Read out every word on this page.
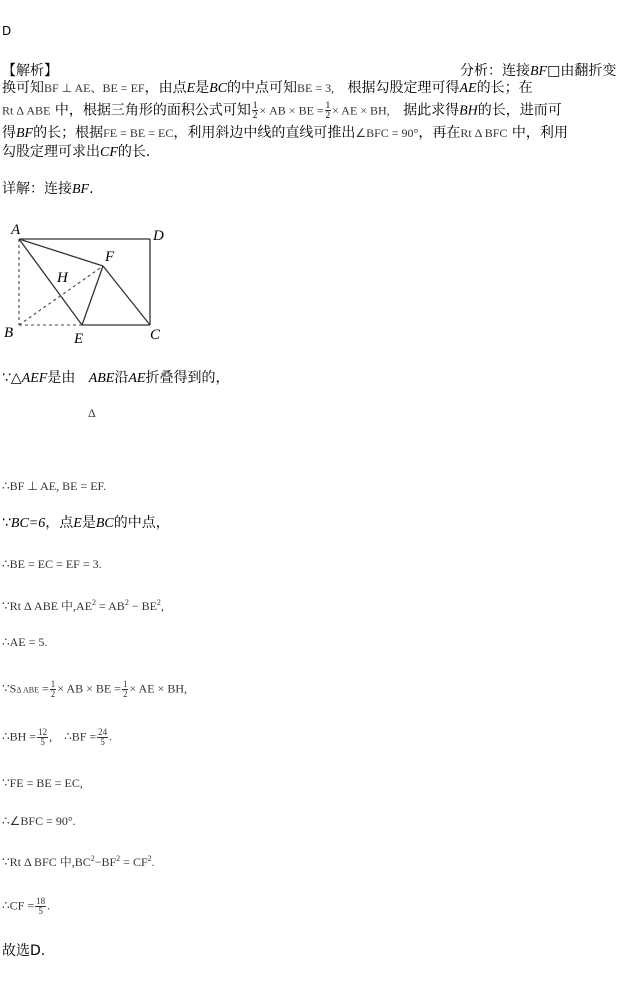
D
【解析】	分析：连接BF□由翻折变
换可知BF ⊥ AE、BE = EF，由点E是BC的中点可知BE = 3, 根据勾股定理可得AE的长；在
Rt Δ ABE 中，根据三角形的面积公式可知 $\frac{1}{2}$ × AB × BE = $\frac{1}{2}$ × AE × BH, 据此求得BH的长，进而可
得BF的长；根据FE = BE = EC，利用斜边中线的直线可推出∠BFC = 90°，再在Rt Δ BFC 中，利用
勾股定理可求出CF的长.
详解：连接BF.
A	D
F
H
B	E	C
∵△AEF是由 ABE沿AE折叠得到的，
Δ
∴BF ⊥ AE, BE = EF.
∵BC=6，点E是BC的中点，
∴BE = EC = EF = 3.
∵Rt Δ ABE 中$,AE^2 = AB^2 - BE^2$,
∴AE = 5.
∵SΔ ABE = $\frac{1}{2}$ × AB × BE = $\frac{1}{2}$ × AE × BH,
∴BH = $\frac{12}{5}$ , ∴BF = $\frac{24}{5}$ .
∵FE = BE = EC,
∴∠BFC = 90°.
∵Rt Δ BFC 中$,BC^2-BF^2 = CF^2$.
∴CF = $\frac{18}{5}$ .
故选D.
